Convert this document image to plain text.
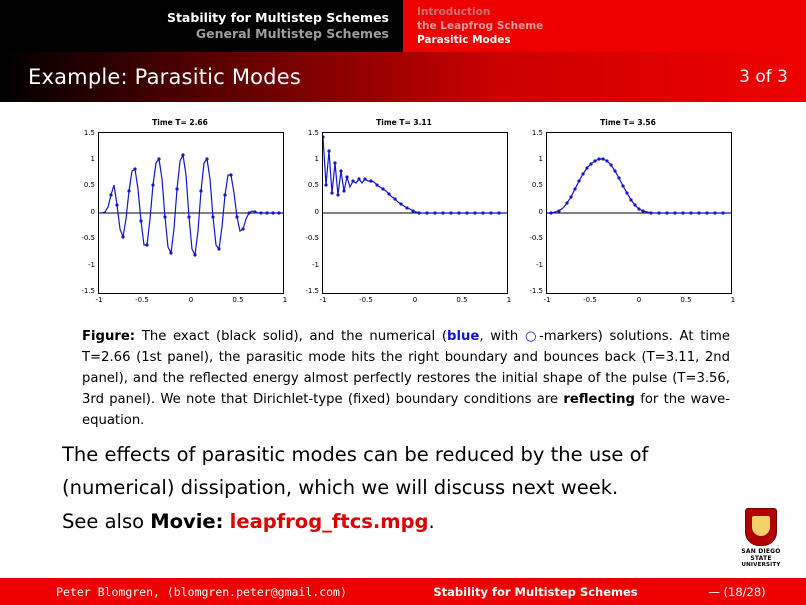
Stability for Multistep Schemes
General Multistep Schemes
Introduction
the Leapfrog Scheme
Parasitic Modes
Example: Parasitic Modes	3 of 3
Time T= 2.66
1.5
1
0.5
0
-0.5
-1
-1.5
-1	-0.5	0	0.5	1
Time T= 3.11
1.5
1
0.5
0
-0.5
-1
-1.5
-1	-0.5	0	0.5	1
Time T= 3.56
1.5
1
0.5
0
-0.5
-1
-1.5
-1	-0.5	0	0.5	1
Figure: The exact (black solid), and the numerical (blue, with ○-markers) solutions. At time T=2.66 (1st panel), the parasitic mode hits the right boundary and bounces back (T=3.11, 2nd panel), and the reflected energy almost perfectly restores the initial shape of the pulse (T=3.56, 3rd panel). We note that Dirichlet-type (fixed) boundary conditions are reflecting for the wave-equation.
The effects of parasitic modes can be reduced by the use of (numerical) dissipation, which we will discuss next week.
See also Movie: leapfrog_ftcs.mpg.
SAN DIEGO STATE
UNIVERSITY
Peter Blomgren, ⟨blomgren.peter@gmail.com⟩	Stability for Multistep Schemes	— (18/28)
